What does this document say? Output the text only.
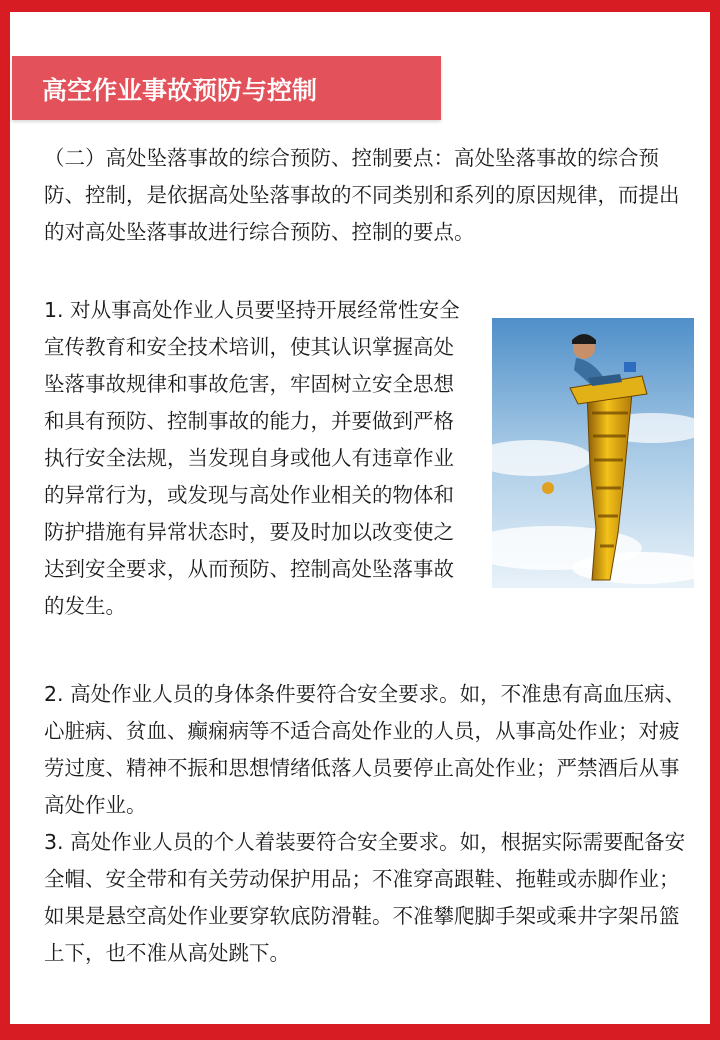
高空作业事故预防与控制

（二）高处坠落事故的综合预防、控制要点：高处坠落事故的综合预防、控制，是依据高处坠落事故的不同类别和系列的原因规律，而提出的对高处坠落事故进行综合预防、控制的要点。

1. 对从事高处作业人员要坚持开展经常性安全宣传教育和安全技术培训，使其认识掌握高处坠落事故规律和事故危害，牢固树立安全思想和具有预防、控制事故的能力，并要做到严格执行安全法规，当发现自身或他人有违章作业的异常行为，或发现与高处作业相关的物体和防护措施有异常状态时，要及时加以改变使之达到安全要求，从而预防、控制高处坠落事故的发生。

2. 高处作业人员的身体条件要符合安全要求。如，不准患有高血压病、心脏病、贫血、癫痫病等不适合高处作业的人员，从事高处作业；对疲劳过度、精神不振和思想情绪低落人员要停止高处作业；严禁酒后从事高处作业。

3. 高处作业人员的个人着装要符合安全要求。如，根据实际需要配备安全帽、安全带和有关劳动保护用品；不准穿高跟鞋、拖鞋或赤脚作业；如果是悬空高处作业要穿软底防滑鞋。不准攀爬脚手架或乘井字架吊篮上下，也不准从高处跳下。
